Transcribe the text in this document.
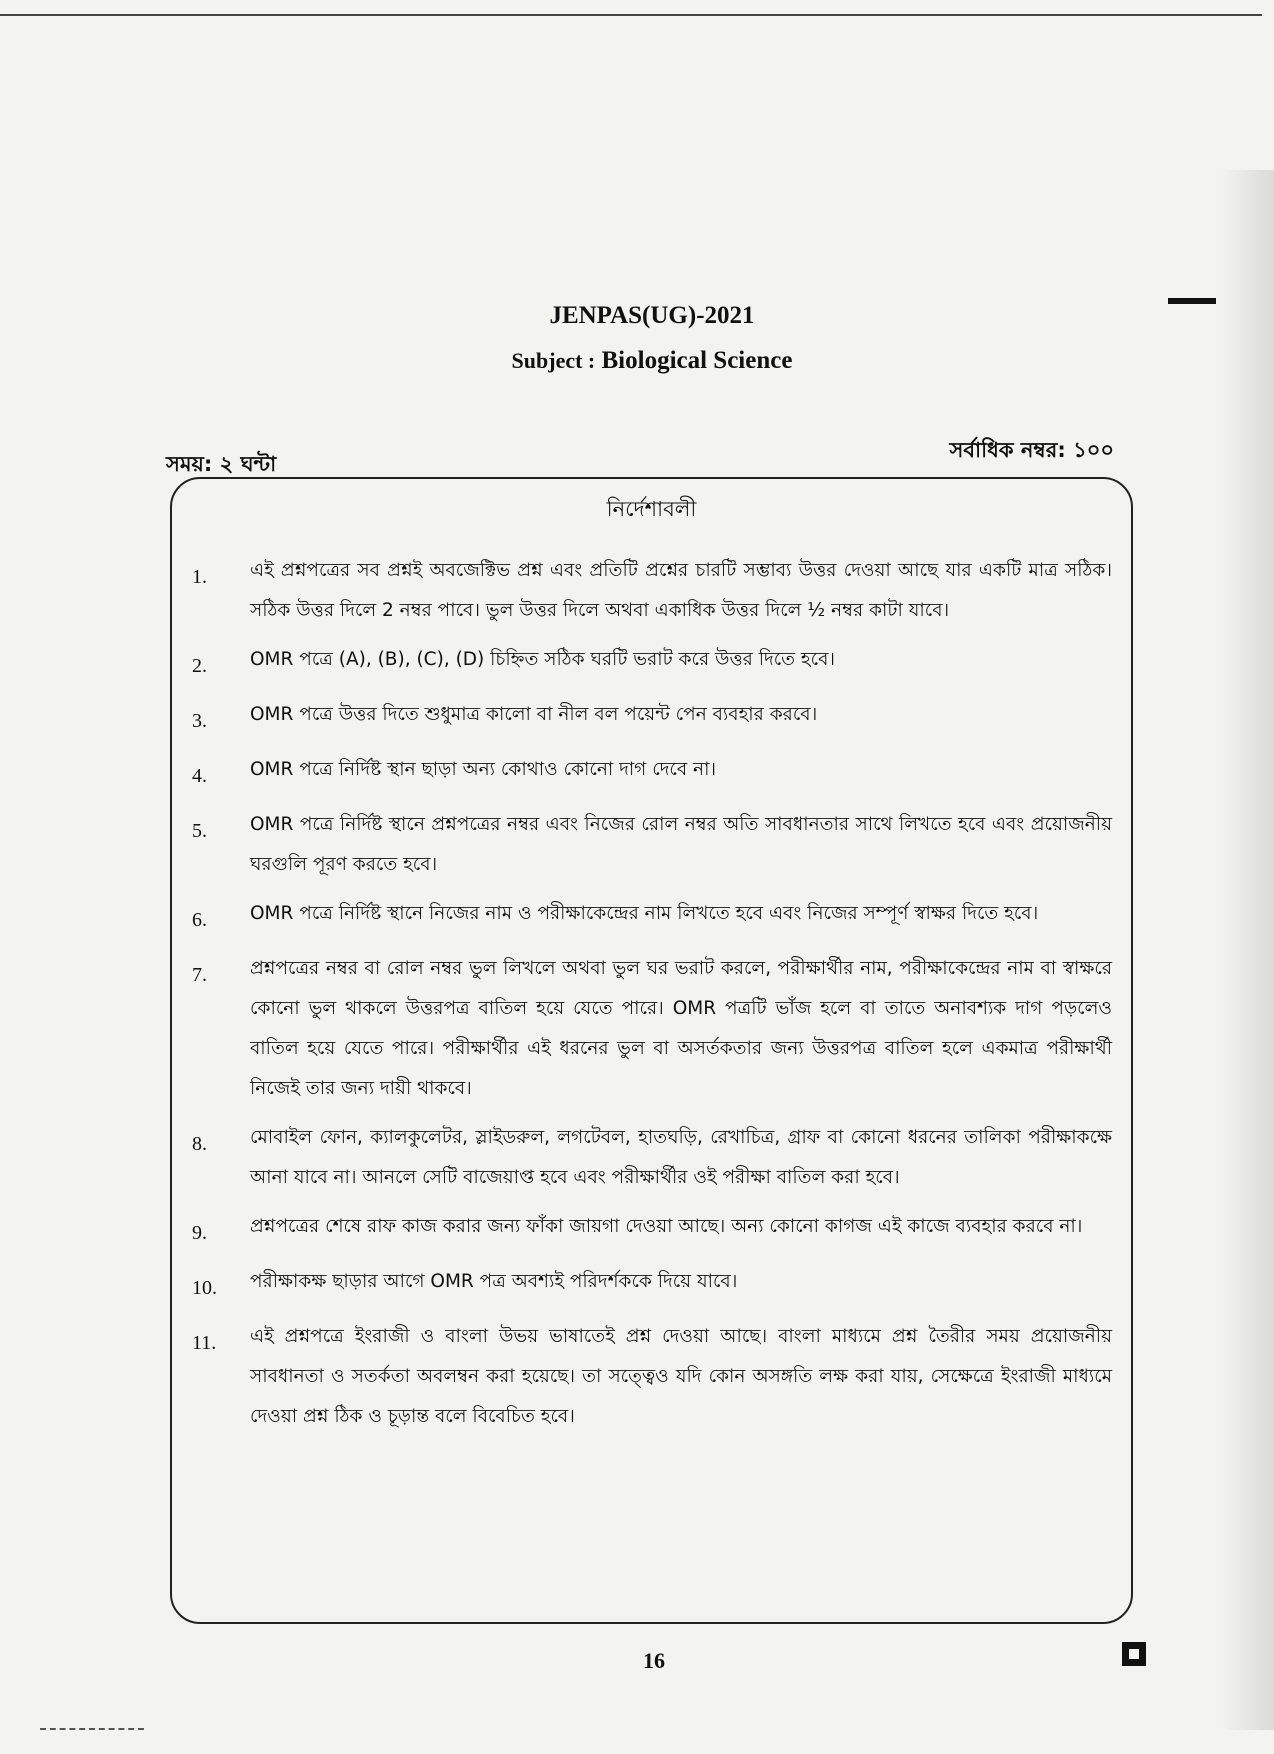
JENPAS(UG)-2021
Subject : Biological Science
সময়: ২ ঘন্টা
সর্বাধিক নম্বর: ১০০
নির্দেশাবলী
1.	এই প্রশ্নপত্রের সব প্রশ্নই অবজেক্টিভ প্রশ্ন এবং প্রতিটি প্রশ্নের চারটি সম্ভাব্য উত্তর দেওয়া আছে যার একটি মাত্র সঠিক। সঠিক উত্তর দিলে 2 নম্বর পাবে। ভুল উত্তর দিলে অথবা একাধিক উত্তর দিলে ½ নম্বর কাটা যাবে।
2.	OMR পত্রে (A), (B), (C), (D) চিহ্নিত সঠিক ঘরটি ভরাট করে উত্তর দিতে হবে।
3.	OMR পত্রে উত্তর দিতে শুধুমাত্র কালো বা নীল বল পয়েন্ট পেন ব্যবহার করবে।
4.	OMR পত্রে নির্দিষ্ট স্থান ছাড়া অন্য কোথাও কোনো দাগ দেবে না।
5.	OMR পত্রে নির্দিষ্ট স্থানে প্রশ্নপত্রের নম্বর এবং নিজের রোল নম্বর অতি সাবধানতার সাথে লিখতে হবে এবং প্রয়োজনীয় ঘরগুলি পূরণ করতে হবে।
6.	OMR পত্রে নির্দিষ্ট স্থানে নিজের নাম ও পরীক্ষাকেন্দ্রের নাম লিখতে হবে এবং নিজের সম্পূর্ণ স্বাক্ষর দিতে হবে।
7.	প্রশ্নপত্রের নম্বর বা রোল নম্বর ভুল লিখলে অথবা ভুল ঘর ভরাট করলে, পরীক্ষার্থীর নাম, পরীক্ষাকেন্দ্রের নাম বা স্বাক্ষরে কোনো ভুল থাকলে উত্তরপত্র বাতিল হয়ে যেতে পারে। OMR পত্রটি ভাঁজ হলে বা তাতে অনাবশ্যক দাগ পড়লেও বাতিল হয়ে যেতে পারে। পরীক্ষার্থীর এই ধরনের ভুল বা অসর্তকতার জন্য উত্তরপত্র বাতিল হলে একমাত্র পরীক্ষার্থী নিজেই তার জন্য দায়ী থাকবে।
8.	মোবাইল ফোন, ক্যালকুলেটর, স্লাইডরুল, লগটেবল, হাতঘড়ি, রেখাচিত্র, গ্রাফ বা কোনো ধরনের তালিকা পরীক্ষাকক্ষে আনা যাবে না। আনলে সেটি বাজেয়াপ্ত হবে এবং পরীক্ষার্থীর ওই পরীক্ষা বাতিল করা হবে।
9.	প্রশ্নপত্রের শেষে রাফ কাজ করার জন্য ফাঁকা জায়গা দেওয়া আছে। অন্য কোনো কাগজ এই কাজে ব্যবহার করবে না।
10.	পরীক্ষাকক্ষ ছাড়ার আগে OMR পত্র অবশ্যই পরিদর্শককে দিয়ে যাবে।
11.	এই প্রশ্নপত্রে ইংরাজী ও বাংলা উভয় ভাষাতেই প্রশ্ন দেওয়া আছে। বাংলা মাধ্যমে প্রশ্ন তৈরীর সময় প্রয়োজনীয় সাবধানতা ও সতর্কতা অবলম্বন করা হয়েছে। তা সত্ত্বেও যদি কোন অসঙ্গতি লক্ষ করা যায়, সেক্ষেত্রে ইংরাজী মাধ্যমে দেওয়া প্রশ্ন ঠিক ও চূড়ান্ত বলে বিবেচিত হবে।
16
